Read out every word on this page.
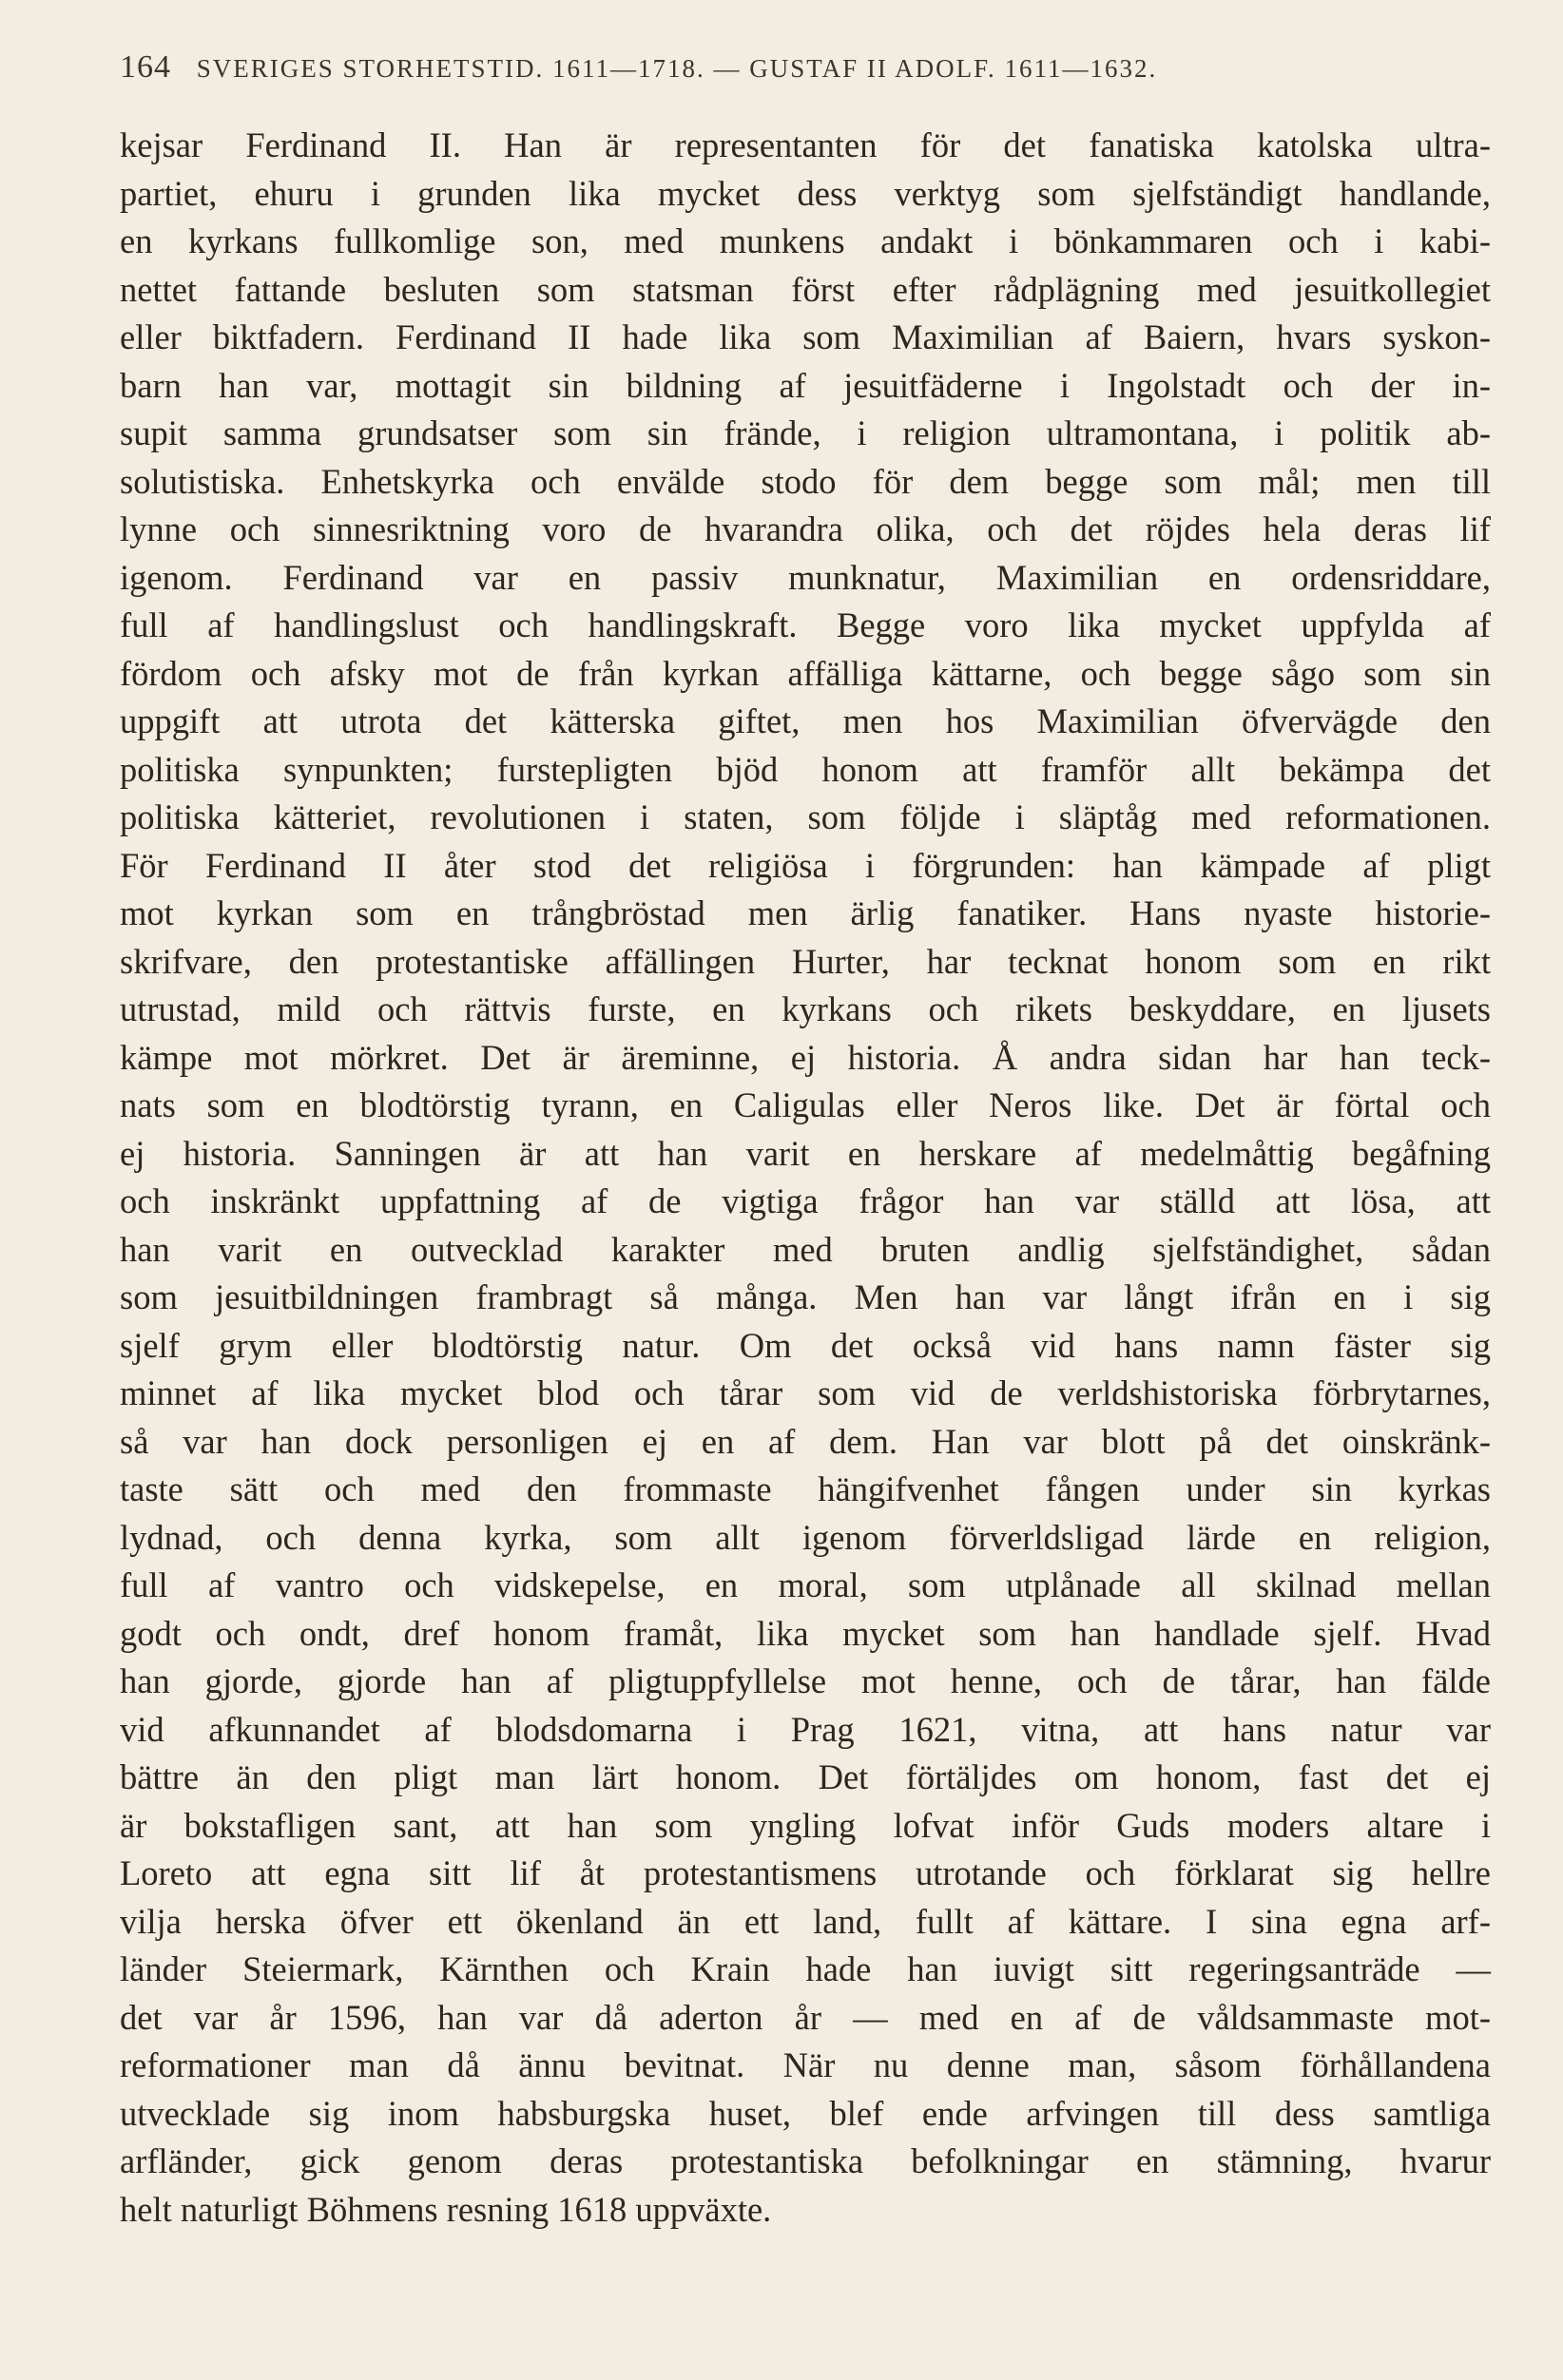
164 SVERIGES STORHETSTID. 1611—1718. — GUSTAF II ADOLF. 1611—1632.
kejsar Ferdinand II. Han är representanten för det fanatiska katolska ultra-
partiet, ehuru i grunden lika mycket dess verktyg som sjelfständigt handlande,
en kyrkans fullkomlige son, med munkens andakt i bönkammaren och i kabi-
nettet fattande besluten som statsman först efter rådplägning med jesuitkollegiet
eller biktfadern. Ferdinand II hade lika som Maximilian af Baiern, hvars syskon-
barn han var, mottagit sin bildning af jesuitfäderne i Ingolstadt och der in-
supit samma grundsatser som sin frände, i religion ultramontana, i politik ab-
solutistiska. Enhetskyrka och envälde stodo för dem begge som mål; men till
lynne och sinnesriktning voro de hvarandra olika, och det röjdes hela deras lif
igenom. Ferdinand var en passiv munknatur, Maximilian en ordensriddare,
full af handlingslust och handlingskraft. Begge voro lika mycket uppfylda af
fördom och afsky mot de från kyrkan affälliga kättarne, och begge sågo som sin
uppgift att utrota det kätterska giftet, men hos Maximilian öfvervägde den
politiska synpunkten; furstepligten bjöd honom att framför allt bekämpa det
politiska kätteriet, revolutionen i staten, som följde i släptåg med reformationen.
För Ferdinand II åter stod det religiösa i förgrunden: han kämpade af pligt
mot kyrkan som en trångbröstad men ärlig fanatiker. Hans nyaste historie-
skrifvare, den protestantiske affällingen Hurter, har tecknat honom som en rikt
utrustad, mild och rättvis furste, en kyrkans och rikets beskyddare, en ljusets
kämpe mot mörkret. Det är äreminne, ej historia. Å andra sidan har han teck-
nats som en blodtörstig tyrann, en Caligulas eller Neros like. Det är förtal och
ej historia. Sanningen är att han varit en herskare af medelmåttig begåfning
och inskränkt uppfattning af de vigtiga frågor han var ställd att lösa, att
han varit en outvecklad karakter med bruten andlig sjelfständighet, sådan
som jesuitbildningen frambragt så många. Men han var långt ifrån en i sig
sjelf grym eller blodtörstig natur. Om det också vid hans namn fäster sig
minnet af lika mycket blod och tårar som vid de verldshistoriska förbrytarnes,
så var han dock personligen ej en af dem. Han var blott på det oinskränk-
taste sätt och med den frommaste hängifvenhet fången under sin kyrkas
lydnad, och denna kyrka, som allt igenom förverldsligad lärde en religion,
full af vantro och vidskepelse, en moral, som utplånade all skilnad mellan
godt och ondt, dref honom framåt, lika mycket som han handlade sjelf. Hvad
han gjorde, gjorde han af pligtuppfyllelse mot henne, och de tårar, han fälde
vid afkunnandet af blodsdomarna i Prag 1621, vitna, att hans natur var
bättre än den pligt man lärt honom. Det förtäljdes om honom, fast det ej
är bokstafligen sant, att han som yngling lofvat inför Guds moders altare i
Loreto att egna sitt lif åt protestantismens utrotande och förklarat sig hellre
vilja herska öfver ett ökenland än ett land, fullt af kättare. I sina egna arf-
länder Steiermark, Kärnthen och Krain hade han iuvigt sitt regeringsanträde —
det var år 1596, han var då aderton år — med en af de våldsammaste mot-
reformationer man då ännu bevitnat. När nu denne man, såsom förhållandena
utvecklade sig inom habsburgska huset, blef ende arfvingen till dess samtliga
arfländer, gick genom deras protestantiska befolkningar en stämning, hvarur
helt naturligt Böhmens resning 1618 uppväxte.
